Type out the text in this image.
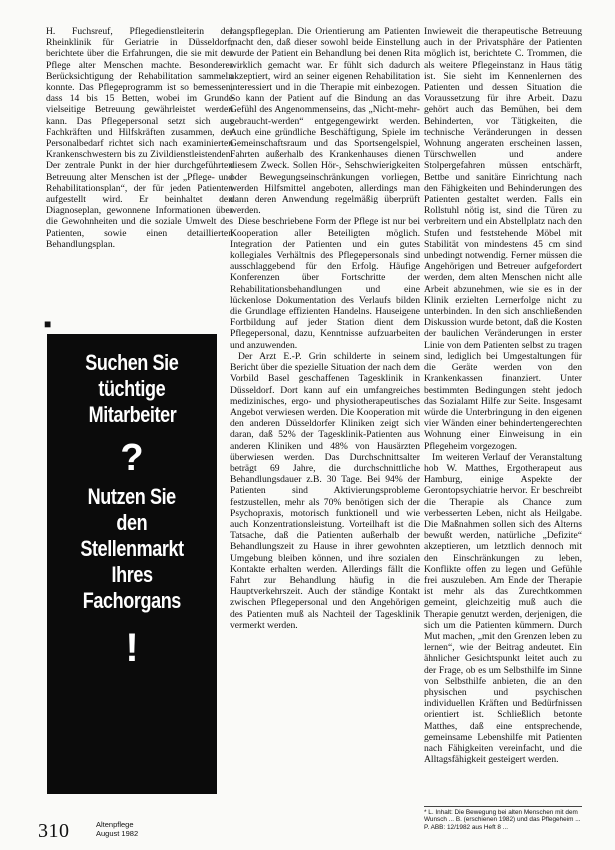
H. Fuchsreuf, Pflegedienstleiterin der Rheinklinik für Geriatrie in Düsseldorf, berichtete über die Erfahrungen, die sie mit der Pflege alter Menschen machte. Besonderer Berücksichtigung der Rehabilitation sammeln konnte. Das Pflegeprogramm ist so bemessen, dass 14 bis 15 Betten, wobei im Grunde vielseitige Betreuung gewährleistet werden kann. Das Pflegepersonal setzt sich aus Fachkräften und Hilfskräften zusammen, der Personalbedarf richtet sich nach examinierten Krankenschwestern bis zu Zivildienstleistenden. Der zentrale Punkt in der hier durchgeführten Betreuung alter Menschen ist der „Pflege- und Rehabilitationsplan“, der für jeden Patienten aufgestellt wird. Er beinhaltet den Diagnoseplan, gewonnene Informationen über die Gewohnheiten und die soziale Umwelt des Patienten, sowie einen detaillierten Behandlungsplan.

■
Suchen Sie
tüchtige
Mitarbeiter
?
Nutzen Sie
den
Stellenmarkt
Ihres
Fachorgans
!

langspflegeplan. Die Orientierung am Patienten macht den, daß dieser sowohl beide Einstellung wurde der Patient ein Behandlung bei denen Rita wirklich gemacht war. Er fühlt sich dadurch akzeptiert, wird an seiner eigenen Rehabilitation interessiert und in die Therapie mit einbezogen. So kann der Patient auf die Bindung an das Gefühl des Angenommenseins, das „Nicht-mehr-gebraucht-werden“ entgegengewirkt werden. Auch eine gründliche Beschäftigung, Spiele im Gemeinschaftsraum und das Sportsengelspiel, Fahrten außerhalb des Krankenhauses dienen diesem Zweck. Sollen Hör-, Sehschwierigkeiten oder Bewegungseinschränkungen vorliegen, werden Hilfsmittel angeboten, allerdings man dann deren Anwendung regelmäßig überprüft werden.

Diese beschriebene Form der Pflege ist nur bei Kooperation aller Beteiligten möglich. Integration der Patienten und ein gutes kollegiales Verhältnis des Pflegepersonals sind ausschlaggebend für den Erfolg. Häufige Konferenzen über Fortschritte der Rehabilitationsbehandlungen und eine lückenlose Dokumentation des Verlaufs bilden die Grundlage effizienten Handelns. Hauseigene Fortbildung auf jeder Station dient dem Pflegepersonal, dazu, Kenntnisse aufzuarbeiten und anzuwenden.

Der Arzt E.-P. Grin schilderte in seinem Bericht über die spezielle Situation der nach dem Vorbild Basel geschaffenen Tagesklinik in Düsseldorf. Dort kann auf ein umfangreiches medizinisches, ergo- und physiotherapeutisches Angebot verwiesen werden. Die Kooperation mit den anderen Düsseldorfer Kliniken zeigt sich daran, daß 52% der Tagesklinik-Patienten aus anderen Kliniken und 48% von Hausärzten überwiesen werden. Das Durchschnittsalter beträgt 69 Jahre, die durchschnittliche Behandlungsdauer z.B. 30 Tage. Bei 94% der Patienten sind Aktivierungsprobleme festzustellen, mehr als 70% benötigen sich der Psychopraxis, motorisch funktionell und wie auch Konzentrationsleistung. Vorteilhaft ist die Tatsache, daß die Patienten außerhalb der Behandlungszeit zu Hause in ihrer gewohnten Umgebung bleiben können, und ihre sozialen Kontakte erhalten werden. Allerdings fällt die Fahrt zur Behandlung häufig in die Hauptverkehrszeit. Auch der ständige Kontakt zwischen Pflegepersonal und den Angehörigen des Patienten muß als Nachteil der Tagesklinik vermerkt werden.

Inwieweit die therapeutische Betreuung auch in der Privatsphäre der Patienten möglich ist, berichtete C. Trommen, die als weitere Pflegeinstanz in Haus tätig ist. Sie sieht im Kennenlernen des Patienten und dessen Situation die Voraussetzung für ihre Arbeit. Dazu gehört auch das Bemühen, bei dem Behinderten, vor Tätigkeiten, die technische Veränderungen in dessen Wohnung angeraten erscheinen lassen, Türschwellen und andere Stolpergefahren müssen entschärft, Bettbe und sanitäre Einrichtung nach den Fähigkeiten und Behinderungen des Patienten gestaltet werden. Falls ein Rollstuhl nötig ist, sind die Türen zu verbreitern und ein Abstellplatz nach den Stufen und feststehende Möbel mit Stabilität von mindestens 45 cm sind unbedingt notwendig. Ferner müssen die Angehörigen und Betreuer aufgefordert werden, dem alten Menschen nicht alle Arbeit abzunehmen, wie sie es in der Klinik erzielten Lernerfolge nicht zu unterbinden. In den sich anschließenden Diskussion wurde betont, daß die Kosten der baulichen Veränderungen in erster Linie von dem Patienten selbst zu tragen sind, lediglich bei Umgestaltungen für die Geräte werden von den Krankenkassen finanziert. Unter bestimmten Bedingungen steht jedoch das Sozialamt Hilfe zur Seite. Insgesamt würde die Unterbringung in den eigenen vier Wänden einer behindertengerechten Wohnung einer Einweisung in ein Pflegeheim vorgezogen.

Im weiteren Verlauf der Veranstaltung hob W. Matthes, Ergotherapeut aus Hamburg, einige Aspekte der Gerontopsychiatrie hervor. Er beschreibt die Therapie als Chance zum verbesserten Leben, nicht als Heilgabe. Die Maßnahmen sollen sich des Alterns bewußt werden, natürliche „Defizite“ akzeptieren, um letztlich dennoch mit den Einschränkungen zu leben, Konflikte offen zu legen und Gefühle frei auszuleben. Am Ende der Therapie ist mehr als das Zurechtkommen gemeint, gleichzeitig muß auch die Therapie genutzt werden, derjenigen, die sich um die Patienten kümmern. Durch Mut machen, „mit den Grenzen leben zu lernen“, wie der Beitrag andeutet. Ein ähnlicher Gesichtspunkt leitet auch zu der Frage, ob es um Selbsthilfe im Sinne von Selbsthilfe anbieten, die an den physischen und psychischen individuellen Kräften und Bedürfnissen orientiert ist. Schließlich betonte Matthes, daß eine entsprechende, gemeinsame Lebenshilfe mit Patienten nach Fähigkeiten vereinfacht, und die Alltagsfähigkeit gesteigert werden.

* L. Inhalt: Die Bewegung bei alten Menschen mit dem Wunsch ... B. (erschienen 1982) und das Pflegeheim ... P. ABB: 12/1982 aus Heft 8 ...
310	Altenpflege
August 1982
